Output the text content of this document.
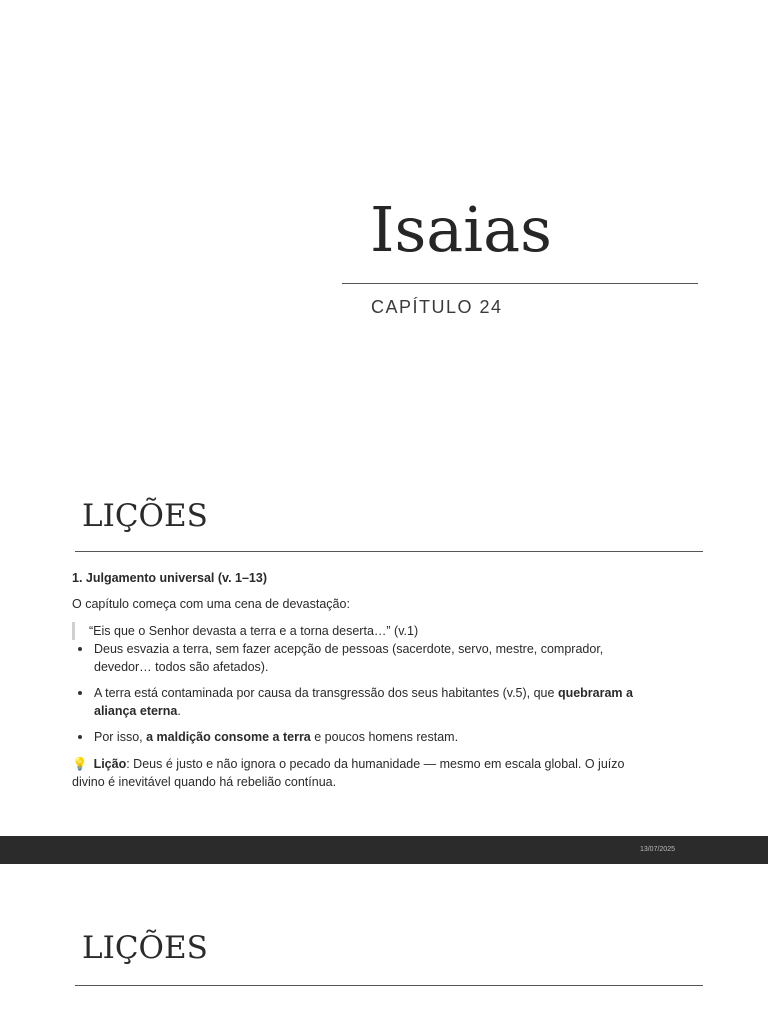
Isaias
CAPÍTULO 24
LIÇÕES

1. Julgamento universal (v. 1–13)

O capítulo começa com uma cena de devastação:

“Eis que o Senhor devasta a terra e a torna deserta…” (v.1)

Deus esvazia a terra, sem fazer acepção de pessoas (sacerdote, servo, mestre, comprador, devedor… todos são afetados).
A terra está contaminada por causa da transgressão dos seus habitantes (v.5), que quebraram a aliança eterna.
Por isso, a maldição consome a terra e poucos homens restam.

💡 Lição: Deus é justo e não ignora o pecado da humanidade — mesmo em escala global. O juízo divino é inevitável quando há rebelião contínua.

13/07/2025
LIÇÕES
